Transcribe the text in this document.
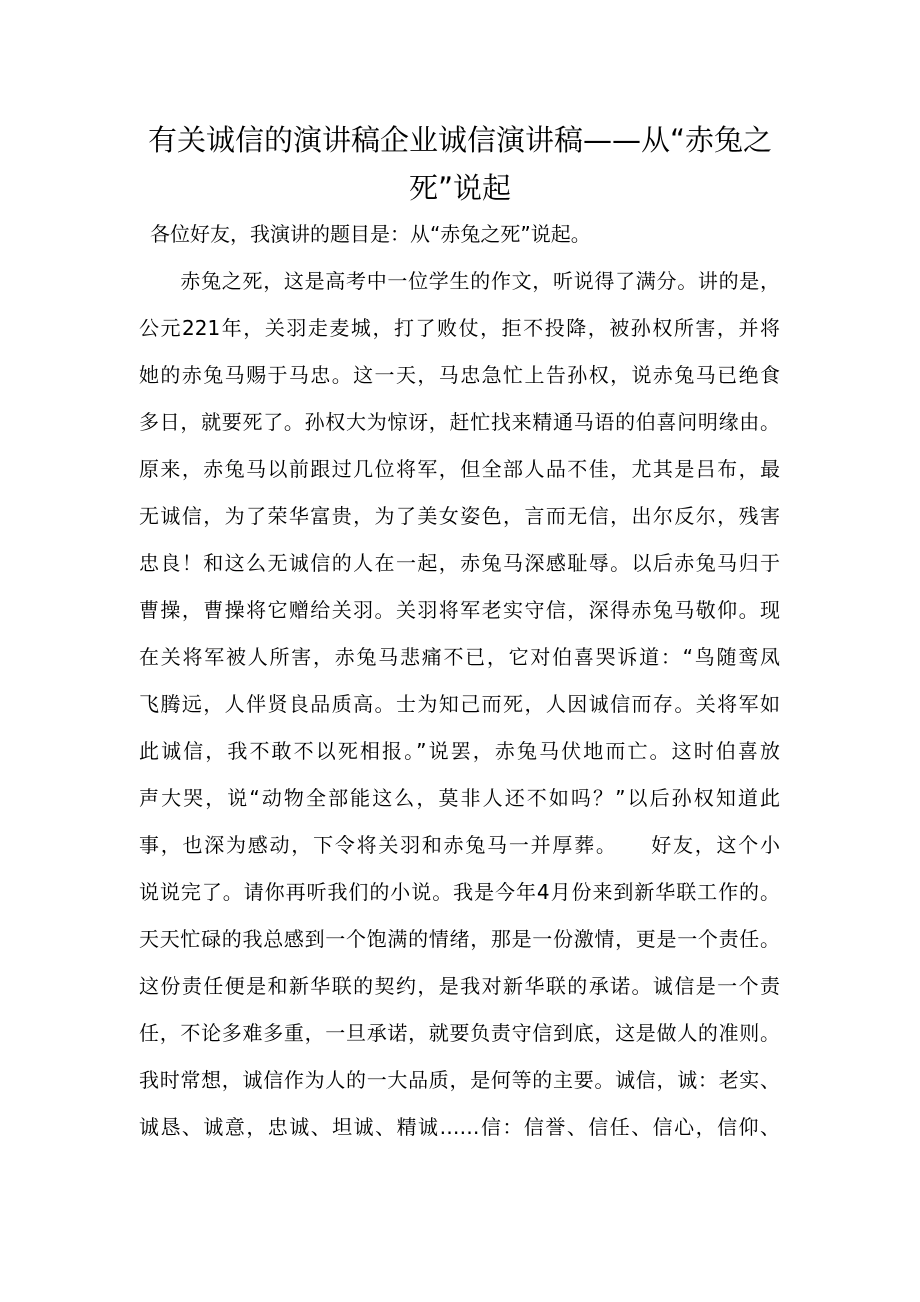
有关诚信的演讲稿企业诚信演讲稿——从“赤兔之死”说起

各位好友，我演讲的题目是：从“赤兔之死”说起。

　　赤兔之死，这是高考中一位学生的作文，听说得了满分。讲的是，

公元221年，关羽走麦城，打了败仗，拒不投降，被孙权所害，并将

她的赤兔马赐于马忠。这一天，马忠急忙上告孙权，说赤兔马已绝食

多日，就要死了。孙权大为惊讶，赶忙找来精通马语的伯喜问明缘由。

原来，赤兔马以前跟过几位将军，但全部人品不佳，尤其是吕布，最

无诚信，为了荣华富贵，为了美女姿色，言而无信，出尔反尔，残害

忠良！和这么无诚信的人在一起，赤兔马深感耻辱。以后赤兔马归于

曹操，曹操将它赠给关羽。关羽将军老实守信，深得赤兔马敬仰。现

在关将军被人所害，赤兔马悲痛不已，它对伯喜哭诉道：“鸟随鸾凤

飞腾远，人伴贤良品质高。士为知己而死，人因诚信而存。关将军如

此诚信，我不敢不以死相报。”说罢，赤兔马伏地而亡。这时伯喜放

声大哭，说“动物全部能这么，莫非人还不如吗？”以后孙权知道此

事，也深为感动，下令将关羽和赤兔马一并厚葬。　　好友，这个小

说说完了。请你再听我们的小说。我是今年4月份来到新华联工作的。

天天忙碌的我总感到一个饱满的情绪，那是一份激情，更是一个责任。

这份责任便是和新华联的契约，是我对新华联的承诺。诚信是一个责

任，不论多难多重，一旦承诺，就要负责守信到底，这是做人的准则。

我时常想，诚信作为人的一大品质，是何等的主要。诚信，诚：老实、

诚恳、诚意，忠诚、坦诚、精诚……信：信誉、信任、信心，信仰、
